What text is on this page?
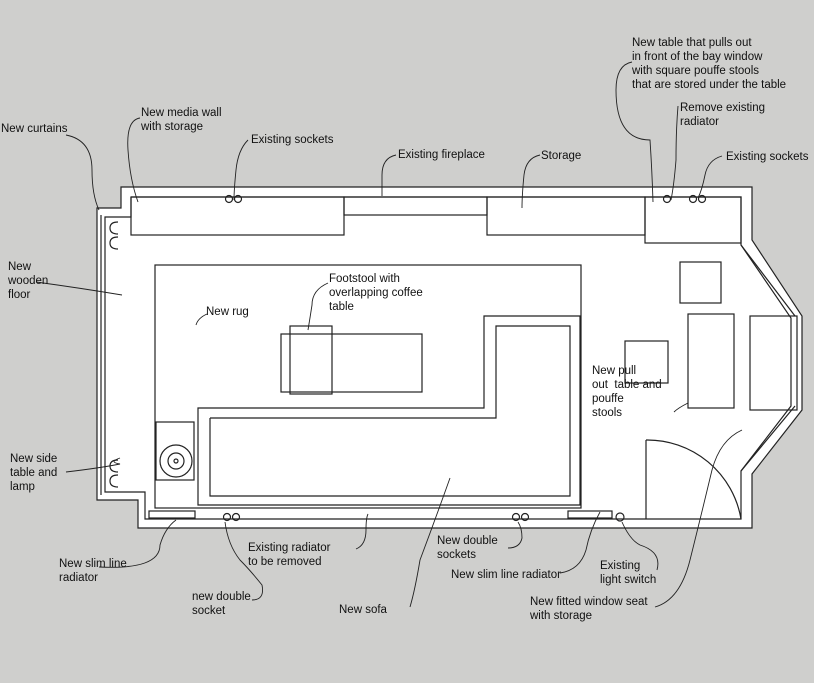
New table that pulls out
in front of the bay window
with square pouffe stools
that are stored under the table
Remove existing
radiator
Existing sockets
Storage
Existing fireplace
Existing sockets
New media wall
with storage
New curtains
New
wooden
floor
New rug
Footstool with
overlapping coffee
table
New pull
out  table and
pouffe
stools
New side
table and
lamp
New slim line
radiator
Existing radiator
to be removed
new double
socket	New sofa
New double
sockets
New slim line radiator
Existing
light switch
New fitted window seat
with storage
